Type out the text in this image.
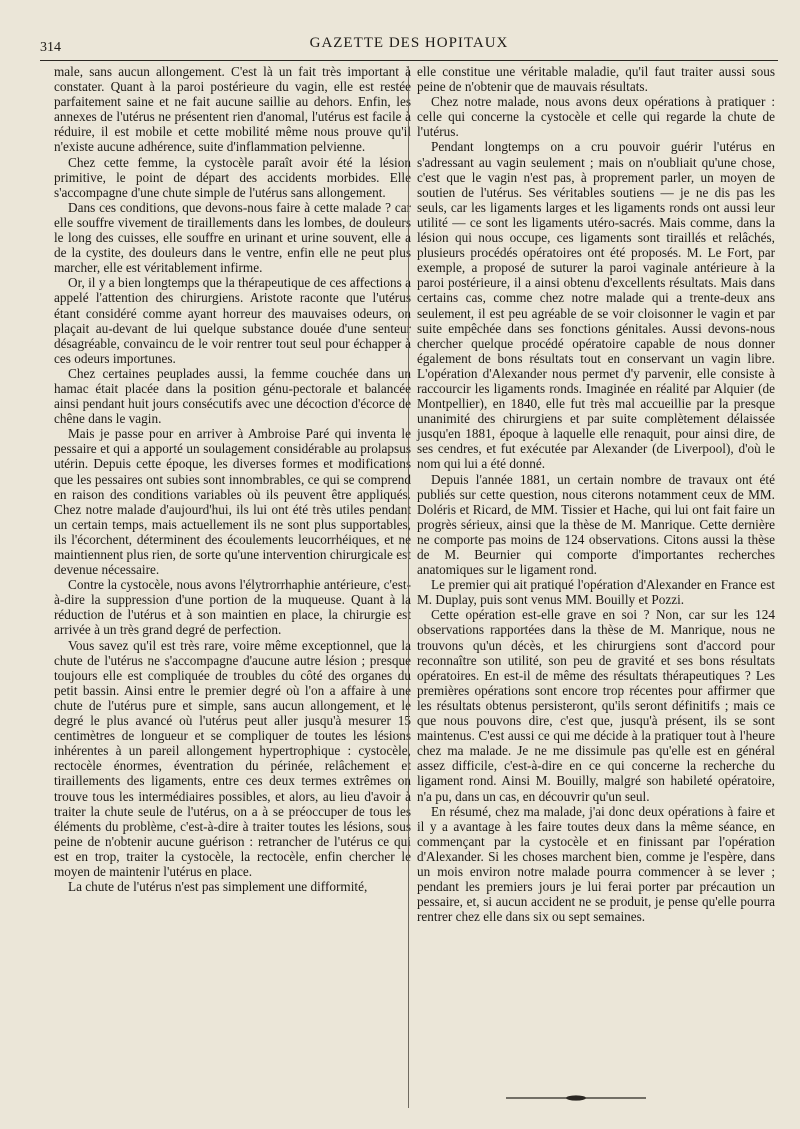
314	GAZETTE DES HOPITAUX

male, sans aucun allongement. C'est là un fait très important à constater. Quant à la paroi postérieure du vagin, elle est restée parfaitement saine et ne fait aucune saillie au dehors. Enfin, les annexes de l'utérus ne présentent rien d'anomal, l'utérus est facile à réduire, il est mobile et cette mobilité même nous prouve qu'il n'existe aucune adhérence, suite d'inflammation pelvienne.

Chez cette femme, la cystocèle paraît avoir été la lésion primitive, le point de départ des accidents morbides. Elle s'accompagne d'une chute simple de l'utérus sans allongement.

Dans ces conditions, que devons-nous faire à cette malade ? car elle souffre vivement de tiraillements dans les lombes, de douleurs le long des cuisses, elle souffre en urinant et urine souvent, elle a de la cystite, des douleurs dans le ventre, enfin elle ne peut plus marcher, elle est véritablement infirme.

Or, il y a bien longtemps que la thérapeutique de ces affections a appelé l'attention des chirurgiens. Aristote raconte que l'utérus étant considéré comme ayant horreur des mauvaises odeurs, on plaçait au-devant de lui quelque substance douée d'une senteur désagréable, convaincu de le voir rentrer tout seul pour échapper à ces odeurs importunes.

Chez certaines peuplades aussi, la femme couchée dans un hamac était placée dans la position génu-pectorale et balancée ainsi pendant huit jours consécutifs avec une décoction d'écorce de chêne dans le vagin.

Mais je passe pour en arriver à Ambroise Paré qui inventa le pessaire et qui a apporté un soulagement considérable au prolapsus utérin. Depuis cette époque, les diverses formes et modifications que les pessaires ont subies sont innombrables, ce qui se comprend en raison des conditions variables où ils peuvent être appliqués. Chez notre malade d'aujourd'hui, ils lui ont été très utiles pendant un certain temps, mais actuellement ils ne sont plus supportables, ils l'écorchent, déterminent des écoulements leucorrhéiques, et ne maintiennent plus rien, de sorte qu'une intervention chirurgicale est devenue nécessaire.

Contre la cystocèle, nous avons l'élytrorrhaphie antérieure, c'est-à-dire la suppression d'une portion de la muqueuse. Quant à la réduction de l'utérus et à son maintien en place, la chirurgie est arrivée à un très grand degré de perfection.

Vous savez qu'il est très rare, voire même exceptionnel, que la chute de l'utérus ne s'accompagne d'aucune autre lésion ; presque toujours elle est compliquée de troubles du côté des organes du petit bassin. Ainsi entre le premier degré où l'on a affaire à une chute de l'utérus pure et simple, sans aucun allongement, et le degré le plus avancé où l'utérus peut aller jusqu'à mesurer 15 centimètres de longueur et se compliquer de toutes les lésions inhérentes à un pareil allongement hypertrophique : cystocèle, rectocèle énormes, éventration du périnée, relâchement et tiraillements des ligaments, entre ces deux termes extrêmes on trouve tous les intermédiaires possibles, et alors, au lieu d'avoir à traiter la chute seule de l'utérus, on a à se préoccuper de tous les éléments du problème, c'est-à-dire à traiter toutes les lésions, sous peine de n'obtenir aucune guérison : retrancher de l'utérus ce qui est en trop, traiter la cystocèle, la rectocèle, enfin chercher le moyen de maintenir l'utérus en place.

La chute de l'utérus n'est pas simplement une difformité,

elle constitue une véritable maladie, qu'il faut traiter aussi sous peine de n'obtenir que de mauvais résultats.

Chez notre malade, nous avons deux opérations à pratiquer : celle qui concerne la cystocèle et celle qui regarde la chute de l'utérus.

Pendant longtemps on a cru pouvoir guérir l'utérus en s'adressant au vagin seulement ; mais on n'oubliait qu'une chose, c'est que le vagin n'est pas, à proprement parler, un moyen de soutien de l'utérus. Ses véritables soutiens — je ne dis pas les seuls, car les ligaments larges et les ligaments ronds ont aussi leur utilité — ce sont les ligaments utéro-sacrés. Mais comme, dans la lésion qui nous occupe, ces ligaments sont tiraillés et relâchés, plusieurs procédés opératoires ont été proposés. M. Le Fort, par exemple, a proposé de suturer la paroi vaginale antérieure à la paroi postérieure, il a ainsi obtenu d'excellents résultats. Mais dans certains cas, comme chez notre malade qui a trente-deux ans seulement, il est peu agréable de se voir cloisonner le vagin et par suite empêchée dans ses fonctions génitales. Aussi devons-nous chercher quelque procédé opératoire capable de nous donner également de bons résultats tout en conservant un vagin libre. L'opération d'Alexander nous permet d'y parvenir, elle consiste à raccourcir les ligaments ronds. Imaginée en réalité par Alquier (de Montpellier), en 1840, elle fut très mal accueillie par la presque unanimité des chirurgiens et par suite complètement délaissée jusqu'en 1881, époque à laquelle elle renaquit, pour ainsi dire, de ses cendres, et fut exécutée par Alexander (de Liverpool), d'où le nom qui lui a été donné.

Depuis l'année 1881, un certain nombre de travaux ont été publiés sur cette question, nous citerons notamment ceux de MM. Doléris et Ricard, de MM. Tissier et Hache, qui lui ont fait faire un progrès sérieux, ainsi que la thèse de M. Manrique. Cette dernière ne comporte pas moins de 124 observations. Citons aussi la thèse de M. Beurnier qui comporte d'importantes recherches anatomiques sur le ligament rond.

Le premier qui ait pratiqué l'opération d'Alexander en France est M. Duplay, puis sont venus MM. Bouilly et Pozzi.

Cette opération est-elle grave en soi ? Non, car sur les 124 observations rapportées dans la thèse de M. Manrique, nous ne trouvons qu'un décès, et les chirurgiens sont d'accord pour reconnaître son utilité, son peu de gravité et ses bons résultats opératoires. En est-il de même des résultats thérapeutiques ? Les premières opérations sont encore trop récentes pour affirmer que les résultats obtenus persisteront, qu'ils seront définitifs ; mais ce que nous pouvons dire, c'est que, jusqu'à présent, ils se sont maintenus. C'est aussi ce qui me décide à la pratiquer tout à l'heure chez ma malade. Je ne me dissimule pas qu'elle est en général assez difficile, c'est-à-dire en ce qui concerne la recherche du ligament rond. Ainsi M. Bouilly, malgré son habileté opératoire, n'a pu, dans un cas, en découvrir qu'un seul.

En résumé, chez ma malade, j'ai donc deux opérations à faire et il y a avantage à les faire toutes deux dans la même séance, en commençant par la cystocèle et en finissant par l'opération d'Alexander. Si les choses marchent bien, comme je l'espère, dans un mois environ notre malade pourra commencer à se lever ; pendant les premiers jours je lui ferai porter par précaution un pessaire, et, si aucun accident ne se produit, je pense qu'elle pourra rentrer chez elle dans six ou sept semaines.
